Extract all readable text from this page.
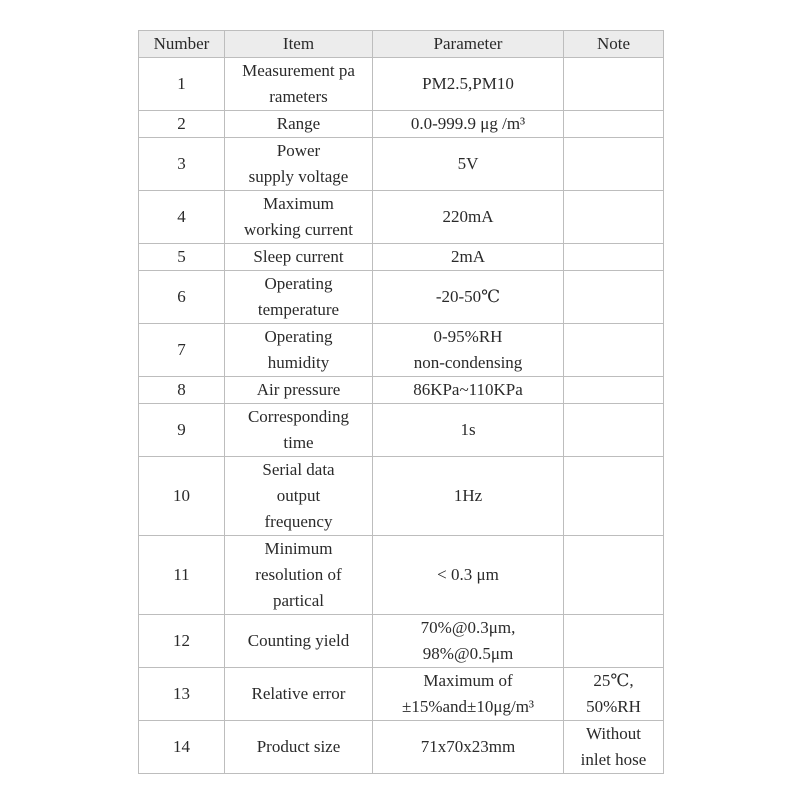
Number	Item	Parameter	Note
1	Measurement pa
rameters	PM2.5,PM10	

2	Range	0.0-999.9 μg /m³	

3	Power
supply voltage	5V	

4	Maximum
working current	220mA	

5	Sleep current	2mA	

6	Operating
temperature	-20-50℃	

7	Operating
humidity	0-95%RH
non-condensing	

8	Air pressure	86KPa~110KPa	

9	Corresponding
time	1s	

10	Serial data
output
frequency	1Hz	

11	Minimum
resolution of
partical	< 0.3 μm	

12	Counting yield	70%@0.3μm,
98%@0.5μm	

13	Relative error	Maximum of
±15%and±10μg/m³	25℃,
50%RH

14	Product size	71x70x23mm	Without
inlet hose
